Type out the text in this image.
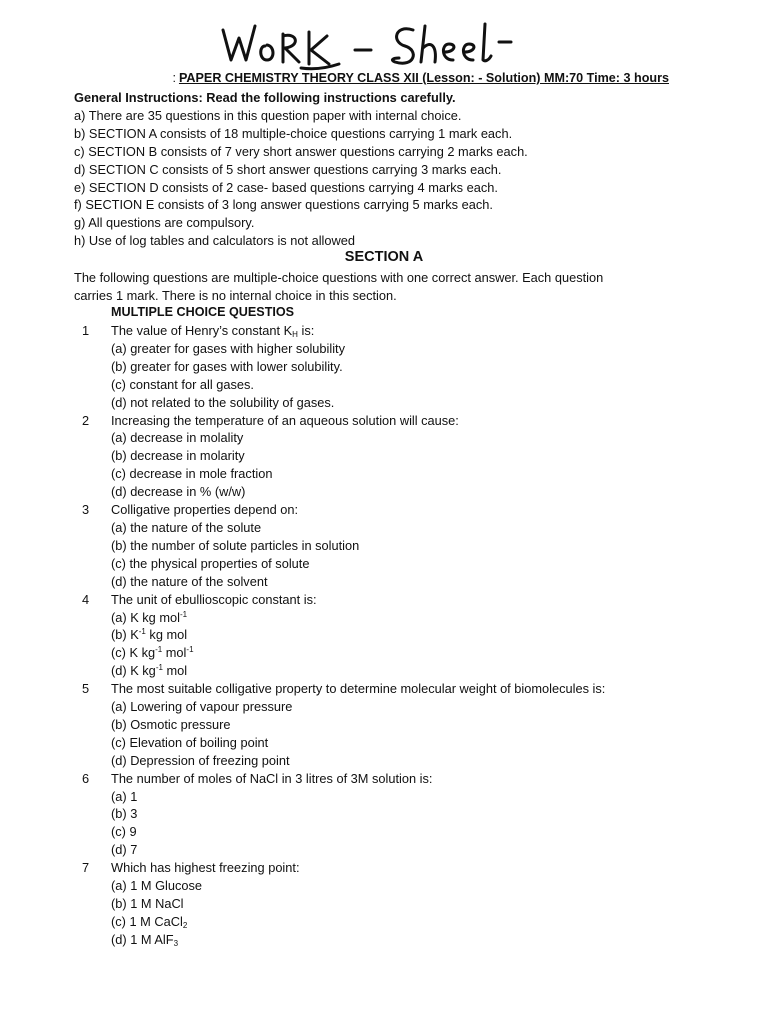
: PAPER CHEMISTRY THEORY CLASS XII (Lesson: - Solution) MM:70 Time: 3 hours
General Instructions: Read the following instructions carefully.
a) There are 35 questions in this question paper with internal choice.
b) SECTION A consists of 18 multiple-choice questions carrying 1 mark each.
c) SECTION B consists of 7 very short answer questions carrying 2 marks each.
d) SECTION C consists of 5 short answer questions carrying 3 marks each.
e) SECTION D consists of 2 case- based questions carrying 4 marks each.
f) SECTION E consists of 3 long answer questions carrying 5 marks each.
g) All questions are compulsory.
h) Use of log tables and calculators is not allowed
SECTION A
The following questions are multiple-choice questions with one correct answer. Each question
carries 1 mark. There is no internal choice in this section.
MULTIPLE CHOICE QUESTIOS
1 The value of Henry’s constant $K_H$ is:
(a) greater for gases with higher solubility
(b) greater for gases with lower solubility.
(c) constant for all gases.
(d) not related to the solubility of gases.
2 Increasing the temperature of an aqueous solution will cause:
(a) decrease in molality
(b) decrease in molarity
(c) decrease in mole fraction
(d) decrease in % (w/w)
3 Colligative properties depend on:
(a) the nature of the solute
(b) the number of solute particles in solution
(c) the physical properties of solute
(d) the nature of the solvent
4 The unit of ebullioscopic constant is:
(a) K kg mol$^{-1}$
(b) $K^{-1}$ kg mol
(c) K $kg^{-1}$ mol$^{-1}$
(d) K $kg^{-1}$ mol
5 The most suitable colligative property to determine molecular weight of biomolecules is:
(a) Lowering of vapour pressure
(b) Osmotic pressure
(c) Elevation of boiling point
(d) Depression of freezing point
6 The number of moles of NaCl in 3 litres of 3M solution is:
(a) 1
(b) 3
(c) 9
(d) 7
7 Which has highest freezing point:
(a) 1 M Glucose
(b) 1 M NaCl
(c) 1 M CaCl$_2$
(d) 1 M AlF$_3$
